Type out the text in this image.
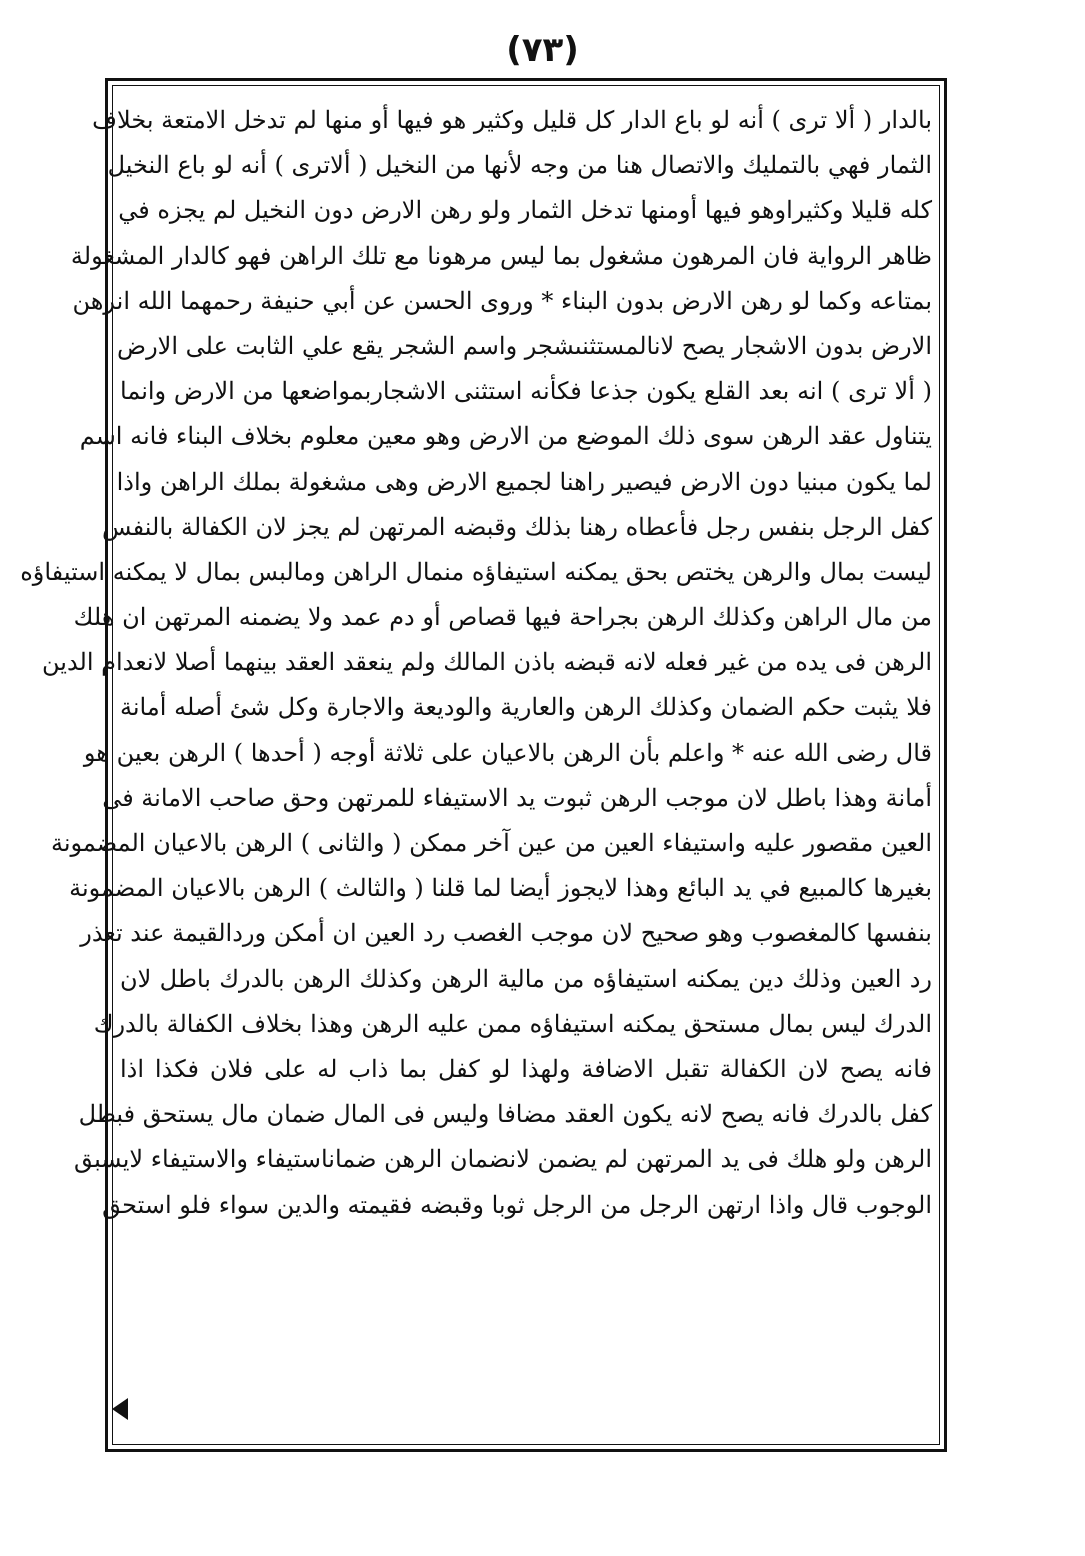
(٧٣)
بالدار ( ألا ترى ) أنه لو باع الدار كل قليل وكثير هو فيها أو منها لم تدخل الامتعة بخلاف
الثمار فهي بالتمليك والاتصال هنا من وجه لأنها من النخيل ( ألاترى ) أنه لو باع النخيل
كله قليلا وكثيراوهو فيها أومنها تدخل الثمار ولو رهن الارض دون النخيل لم يجزه في
ظاهر الرواية فان المرهون مشغول بما ليس مرهونا مع تلك الراهن فهو كالدار المشغولة
بمتاعه وكما لو رهن الارض بدون البناء * وروى الحسن عن أبي حنيفة رحمهما الله انرهن
الارض بدون الاشجار يصح لانالمستثنىشجر واسم الشجر يقع علي الثابت على الارض
( ألا ترى ) انه بعد القلع يكون جذعا فكأنه استثنى الاشجاربمواضعها من الارض وانما
يتناول عقد الرهن سوى ذلك الموضع من الارض وهو معين معلوم بخلاف البناء فانه اسم
لما يكون مبنيا دون الارض فيصير راهنا لجميع الارض وهى مشغولة بملك الراهن واذا
كفل الرجل بنفس رجل فأعطاه رهنا بذلك وقبضه المرتهن لم يجز لان الكفالة بالنفس
ليست بمال والرهن يختص بحق يمكنه استيفاؤه منمال الراهن ومالبس بمال لا يمكنه استيفاؤه
من مال الراهن وكذلك الرهن بجراحة فيها قصاص أو دم عمد ولا يضمنه المرتهن ان هلك
الرهن فى يده من غير فعله لانه قبضه باذن المالك ولم ينعقد العقد بينهما أصلا لانعدام الدين
فلا يثبت حكم الضمان وكذلك الرهن والعارية والوديعة والاجارة وكل شئ أصله أمانة
قال رضى الله عنه * واعلم بأن الرهن بالاعيان على ثلاثة أوجه ( أحدها ) الرهن بعين هو
أمانة وهذا باطل لان موجب الرهن ثبوت يد الاستيفاء للمرتهن وحق صاحب الامانة فى
العين مقصور عليه واستيفاء العين من عين آخر ممكن ( والثانى ) الرهن بالاعيان المضمونة
بغيرها كالمبيع في يد البائع وهذا لايجوز أيضا لما قلنا ( والثالث ) الرهن بالاعيان المضمونة
بنفسها كالمغصوب وهو صحيح لان موجب الغصب رد العين ان أمكن وردالقيمة عند تعذر
رد العين وذلك دين يمكنه استيفاؤه من مالية الرهن وكذلك الرهن بالدرك باطل لان
الدرك ليس بمال مستحق يمكنه استيفاؤه ممن عليه الرهن وهذا بخلاف الكفالة بالدرك
فانه يصح لان الكفالة تقبل الاضافة ولهذا لو كفل بما ذاب له على فلان فكذا اذا
كفل بالدرك فانه يصح لانه يكون العقد مضافا وليس فى المال ضمان مال يستحق فبطل
الرهن ولو هلك فى يد المرتهن لم يضمن لانضمان الرهن ضماناستيفاء والاستيفاء لايسبق
الوجوب قال واذا ارتهن الرجل من الرجل ثوبا وقبضه فقيمته والدين سواء فلو استحق
